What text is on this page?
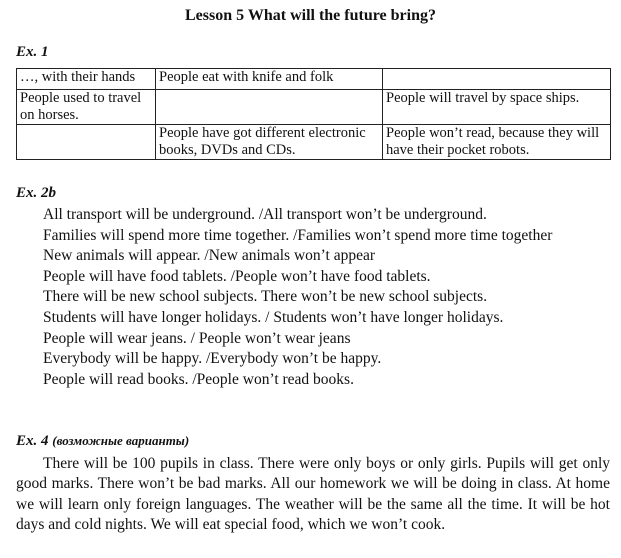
Lesson 5 What will the future bring?
Ex. 1
…, with their hands	People eat with knife and folk	
People used to travel on horses.		People will travel by space ships.
	People have got different electronic books, DVDs and CDs.	People won’t read, because they will have their pocket robots.
Ex. 2b
All transport will be underground. /All transport won’t be underground.
Families will spend more time together. /Families won’t spend more time together
New animals will appear. /New animals won’t appear
People will have food tablets. /People won’t have food tablets.
There will be new school subjects. There won’t be new school subjects.
Students will have longer holidays. / Students won’t have longer holidays.
People will wear jeans. / People won’t wear jeans
Everybody will be happy. /Everybody won’t be happy.
People will read books. /People won’t read books.
Ex. 4 (возможные варианты)
There will be 100 pupils in class. There were only boys or only girls. Pupils will get only good marks. There won’t be bad marks. All our homework we will be doing in class. At home we will learn only foreign languages. The weather will be the same all the time. It will be hot days and cold nights. We will eat special food, which we won’t cook.
